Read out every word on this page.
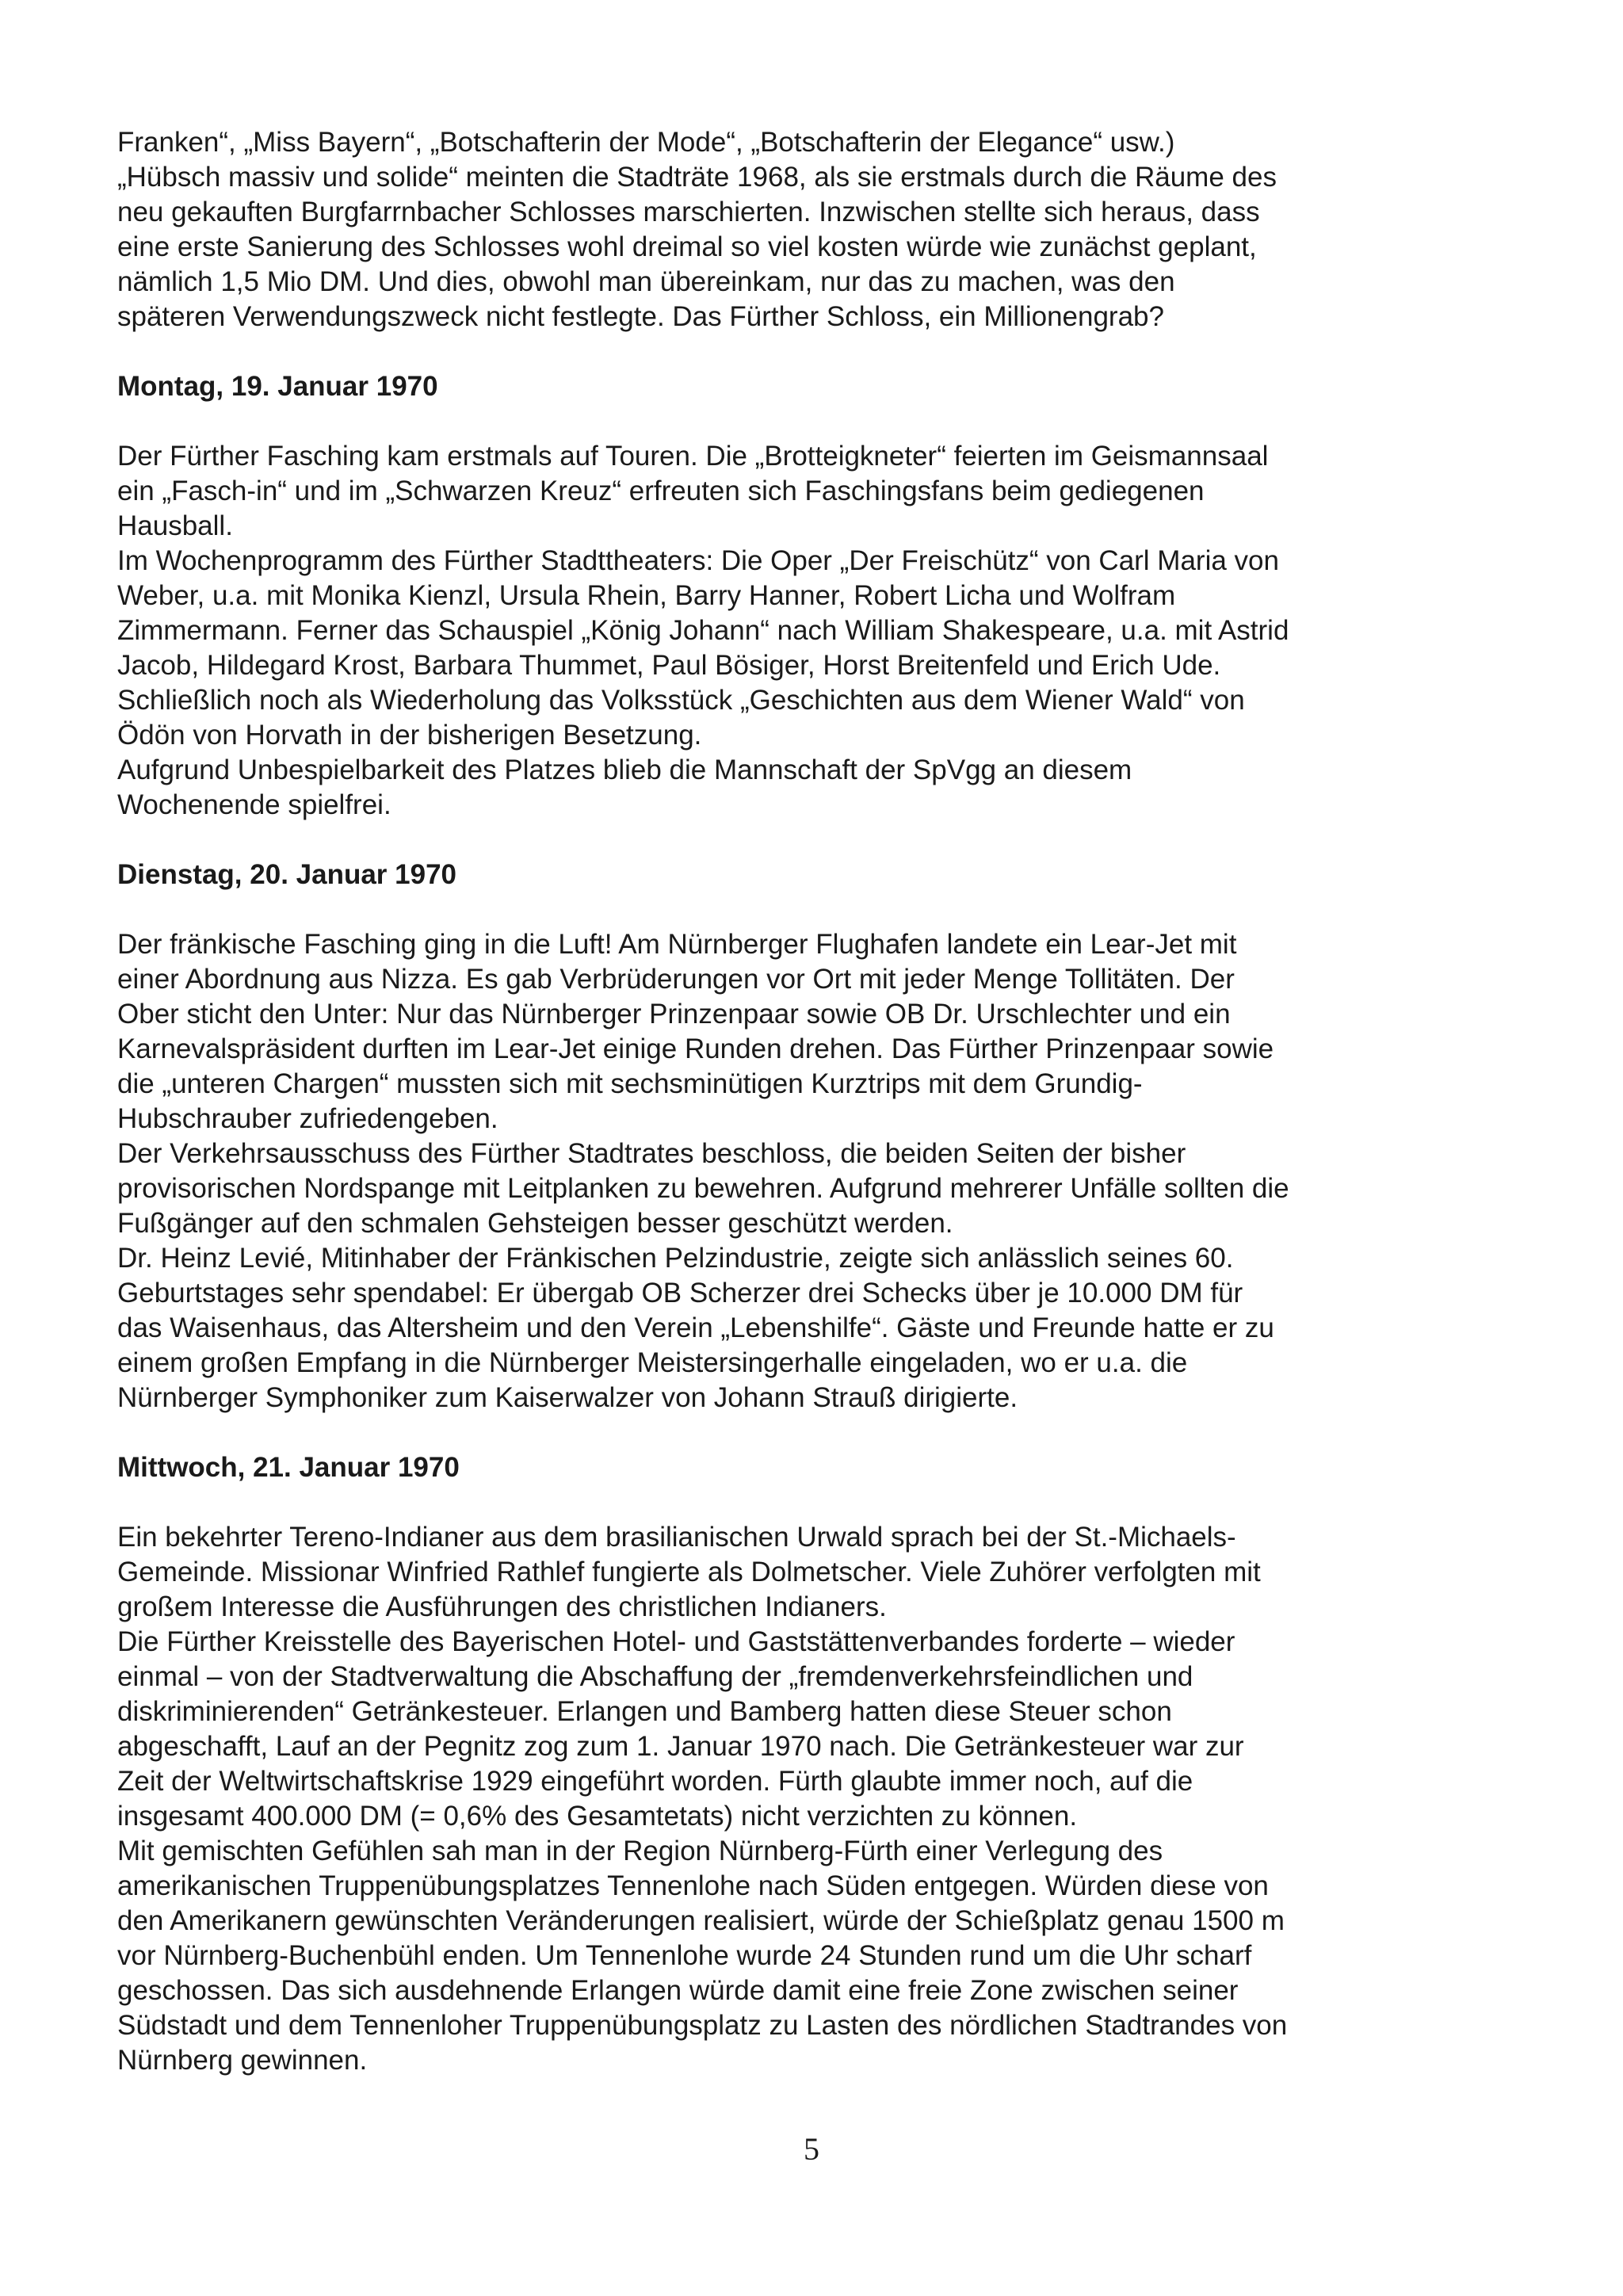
Franken“, „Miss Bayern“, „Botschafterin der Mode“, „Botschafterin der Elegance“ usw.)
„Hübsch massiv und solide“ meinten die Stadträte 1968, als sie erstmals durch die Räume des
neu gekauften Burgfarrnbacher Schlosses marschierten. Inzwischen stellte sich heraus, dass
eine erste Sanierung des Schlosses wohl dreimal so viel kosten würde wie zunächst geplant,
nämlich 1,5 Mio DM. Und dies, obwohl man übereinkam, nur das zu machen, was den
späteren Verwendungszweck nicht festlegte. Das Fürther Schloss, ein Millionengrab?

Montag, 19. Januar 1970

Der Fürther Fasching kam erstmals auf Touren. Die „Brotteigkneter“ feierten im Geismannsaal
ein „Fasch-in“ und im „Schwarzen Kreuz“ erfreuten sich Faschingsfans beim gediegenen
Hausball.

Im Wochenprogramm des Fürther Stadttheaters: Die Oper „Der Freischütz“ von Carl Maria von
Weber, u.a. mit Monika Kienzl, Ursula Rhein, Barry Hanner, Robert Licha und Wolfram
Zimmermann. Ferner das Schauspiel „König Johann“ nach William Shakespeare, u.a. mit Astrid
Jacob, Hildegard Krost, Barbara Thummet, Paul Bösiger, Horst Breitenfeld und Erich Ude.
Schließlich noch als Wiederholung das Volksstück „Geschichten aus dem Wiener Wald“ von
Ödön von Horvath in der bisherigen Besetzung.

Aufgrund Unbespielbarkeit des Platzes blieb die Mannschaft der SpVgg an diesem
Wochenende spielfrei.

Dienstag, 20. Januar 1970

Der fränkische Fasching ging in die Luft! Am Nürnberger Flughafen landete ein Lear-Jet mit
einer Abordnung aus Nizza. Es gab Verbrüderungen vor Ort mit jeder Menge Tollitäten. Der
Ober sticht den Unter: Nur das Nürnberger Prinzenpaar sowie OB Dr. Urschlechter und ein
Karnevalspräsident durften im Lear-Jet einige Runden drehen. Das Fürther Prinzenpaar sowie
die „unteren Chargen“ mussten sich mit sechsminütigen Kurztrips mit dem Grundig-
Hubschrauber zufriedengeben.

Der Verkehrsausschuss des Fürther Stadtrates beschloss, die beiden Seiten der bisher
provisorischen Nordspange mit Leitplanken zu bewehren. Aufgrund mehrerer Unfälle sollten die
Fußgänger auf den schmalen Gehsteigen besser geschützt werden.

Dr. Heinz Levié, Mitinhaber der Fränkischen Pelzindustrie, zeigte sich anlässlich seines 60.
Geburtstages sehr spendabel: Er übergab OB Scherzer drei Schecks über je 10.000 DM für
das Waisenhaus, das Altersheim und den Verein „Lebenshilfe“. Gäste und Freunde hatte er zu
einem großen Empfang in die Nürnberger Meistersingerhalle eingeladen, wo er u.a. die
Nürnberger Symphoniker zum Kaiserwalzer von Johann Strauß dirigierte.

Mittwoch, 21. Januar 1970

Ein bekehrter Tereno-Indianer aus dem brasilianischen Urwald sprach bei der St.-Michaels-
Gemeinde. Missionar Winfried Rathlef fungierte als Dolmetscher. Viele Zuhörer verfolgten mit
großem Interesse die Ausführungen des christlichen Indianers.

Die Fürther Kreisstelle des Bayerischen Hotel- und Gaststättenverbandes forderte – wieder
einmal – von der Stadtverwaltung die Abschaffung der „fremdenverkehrsfeindlichen und
diskriminierenden“ Getränkesteuer. Erlangen und Bamberg hatten diese Steuer schon
abgeschafft, Lauf an der Pegnitz zog zum 1. Januar 1970 nach. Die Getränkesteuer war zur
Zeit der Weltwirtschaftskrise 1929 eingeführt worden. Fürth glaubte immer noch, auf die
insgesamt 400.000 DM (= 0,6% des Gesamtetats) nicht verzichten zu können.

Mit gemischten Gefühlen sah man in der Region Nürnberg-Fürth einer Verlegung des
amerikanischen Truppenübungsplatzes Tennenlohe nach Süden entgegen. Würden diese von
den Amerikanern gewünschten Veränderungen realisiert, würde der Schießplatz genau 1500 m
vor Nürnberg-Buchenbühl enden. Um Tennenlohe wurde 24 Stunden rund um die Uhr scharf
geschossen. Das sich ausdehnende Erlangen würde damit eine freie Zone zwischen seiner
Südstadt und dem Tennenloher Truppenübungsplatz zu Lasten des nördlichen Stadtrandes von
Nürnberg gewinnen.

5
